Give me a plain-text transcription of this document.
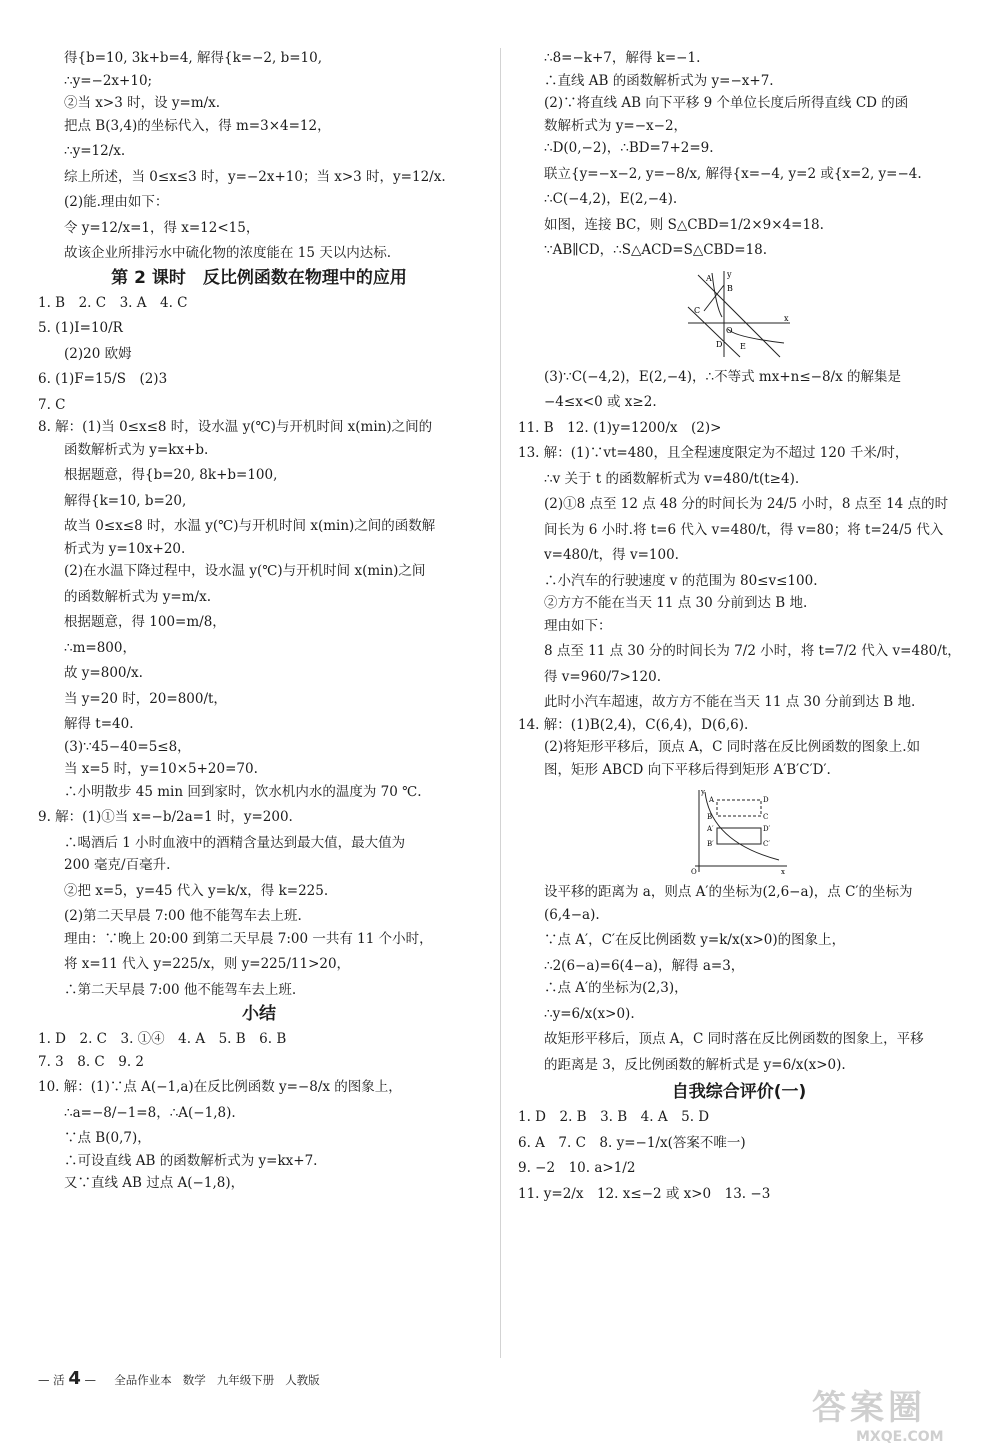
得{b=10, 3k+b=4, 解得{k=−2, b=10,
∴y=−2x+10;
②当 x>3 时，设 y=m/x.
把点 B(3,4)的坐标代入，得 m=3×4=12，
∴y=12/x.
综上所述，当 0≤x≤3 时，y=−2x+10；当 x>3 时，y=12/x.
(2)能.理由如下：
令 y=12/x=1，得 x=12<15，
故该企业所排污水中硫化物的浓度能在 15 天以内达标.
第 2 课时　反比例函数在物理中的应用
1. B　2. C　3. A　4. C
5. (1)I=10/R
(2)20 欧姆
6. (1)F=15/S　(2)3
7. C
8. 解：(1)当 0≤x≤8 时，设水温 y(℃)与开机时间 x(min)之间的
函数解析式为 y=kx+b.
根据题意，得{b=20, 8k+b=100,
解得{k=10, b=20,
故当 0≤x≤8 时，水温 y(℃)与开机时间 x(min)之间的函数解
析式为 y=10x+20.
(2)在水温下降过程中，设水温 y(℃)与开机时间 x(min)之间
的函数解析式为 y=m/x.
根据题意，得 100=m/8，
∴m=800，
故 y=800/x.
当 y=20 时，20=800/t，
解得 t=40.
(3)∵45−40=5≤8，
当 x=5 时，y=10×5+20=70.
∴小明散步 45 min 回到家时，饮水机内水的温度为 70 ℃.
9. 解：(1)①当 x=−b/2a=1 时，y=200.
∴喝酒后 1 小时血液中的酒精含量达到最大值，最大值为
200 毫克/百毫升.
②把 x=5，y=45 代入 y=k/x，得 k=225.
(2)第二天早晨 7:00 他不能驾车去上班.
理由：∵晚上 20:00 到第二天早晨 7:00 一共有 11 个小时，
将 x=11 代入 y=225/x，则 y=225/11>20，
∴第二天早晨 7:00 他不能驾车去上班.
小结
1. D　2. C　3. ①④　4. A　5. B　6. B
7. 3　8. C　9. 2
10. 解：(1)∵点 A(−1,a)在反比例函数 y=−8/x 的图象上，
∴a=−8/−1=8，∴A(−1,8).
∵点 B(0,7)，
∴可设直线 AB 的函数解析式为 y=kx+7.
又∵直线 AB 过点 A(−1,8)，
∴8=−k+7，解得 k=−1.
∴直线 AB 的函数解析式为 y=−x+7.
(2)∵将直线 AB 向下平移 9 个单位长度后所得直线 CD 的函
数解析式为 y=−x−2，
∴D(0,−2)，∴BD=7+2=9.
联立{y=−x−2, y=−8/x, 解得{x=−4, y=2 或{x=2, y=−4.
∴C(−4,2)，E(2,−4).
如图，连接 BC，则 S△CBD=1/2×9×4=18.
∵AB∥CD，∴S△ACD=S△CBD=18.
y
A
B
C
E
D
O
x
(3)∵C(−4,2)，E(2,−4)，∴不等式 mx+n≤−8/x 的解集是
−4≤x<0 或 x≥2.
11. B　12. (1)y=1200/x　(2)>
13. 解：(1)∵vt=480，且全程速度限定为不超过 120 千米/时，
∴v 关于 t 的函数解析式为 v=480/t(t≥4).
(2)①8 点至 12 点 48 分的时间长为 24/5 小时，8 点至 14 点的时
间长为 6 小时.将 t=6 代入 v=480/t，得 v=80；将 t=24/5 代入
v=480/t，得 v=100.
∴小汽车的行驶速度 v 的范围为 80≤v≤100.
②方方不能在当天 11 点 30 分前到达 B 地.
理由如下：
8 点至 11 点 30 分的时间长为 7/2 小时，将 t=7/2 代入 v=480/t，
得 v=960/7>120.
此时小汽车超速，故方方不能在当天 11 点 30 分前到达 B 地.
14. 解：(1)B(2,4)，C(6,4)，D(6,6).
(2)将矩形平移后，顶点 A，C 同时落在反比例函数的图象上.如
图，矩形 ABCD 向下平移后得到矩形 A′B′C′D′.
y
A	D
C
A′	D′
C′
B
B′
O	x
设平移的距离为 a，则点 A′的坐标为(2,6−a)，点 C′的坐标为
(6,4−a).
∵点 A′，C′在反比例函数 y=k/x(x>0)的图象上，
∴2(6−a)=6(4−a)，解得 a=3，
∴点 A′的坐标为(2,3)，
∴y=6/x(x>0).
故矩形平移后，顶点 A，C 同时落在反比例函数的图象上，平移
的距离是 3，反比例函数的解析式是 y=6/x(x>0).
自我综合评价(一)
1. D　2. B　3. B　4. A　5. D
6. A　7. C　8. y=−1/x(答案不唯一)
9. −2　10. a>1/2
11. y=2/x　12. x≤−2 或 x>0　13. −3
— 活 4 — 全品作业本 数学 九年级下册 人教版
答案圈
MXQE.COM
